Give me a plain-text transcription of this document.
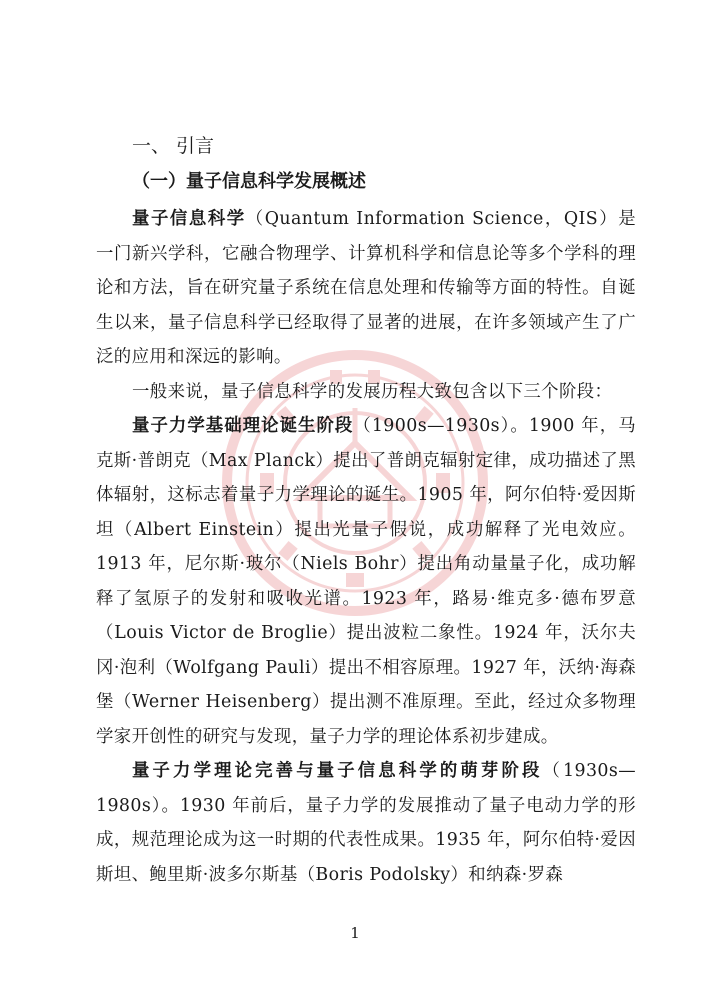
一、 引言
（一）量子信息科学发展概述

量子信息科学（Quantum Information Science，QIS）是一门新兴学科，它融合物理学、计算机科学和信息论等多个学科的理论和方法，旨在研究量子系统在信息处理和传输等方面的特性。自诞生以来，量子信息科学已经取得了显著的进展，在许多领域产生了广泛的应用和深远的影响。

一般来说，量子信息科学的发展历程大致包含以下三个阶段：

量子力学基础理论诞生阶段（1900s—1930s）。1900 年，马克斯·普朗克（Max Planck）提出了普朗克辐射定律，成功描述了黑体辐射，这标志着量子力学理论的诞生。1905 年，阿尔伯特·爱因斯坦（Albert Einstein）提出光量子假说，成功解释了光电效应。1913 年，尼尔斯·玻尔（Niels Bohr）提出角动量量子化，成功解释了氢原子的发射和吸收光谱。1923 年，路易·维克多·德布罗意（Louis Victor de Broglie）提出波粒二象性。1924 年，沃尔夫冈·泡利（Wolfgang Pauli）提出不相容原理。1927 年，沃纳·海森堡（Werner Heisenberg）提出测不准原理。至此，经过众多物理学家开创性的研究与发现，量子力学的理论体系初步建成。

量子力学理论完善与量子信息科学的萌芽阶段（1930s—1980s）。1930 年前后，量子力学的发展推动了量子电动力学的形成，规范理论成为这一时期的代表性成果。1935 年，阿尔伯特·爱因斯坦、鲍里斯·波多尔斯基（Boris Podolsky）和纳森·罗森

1
